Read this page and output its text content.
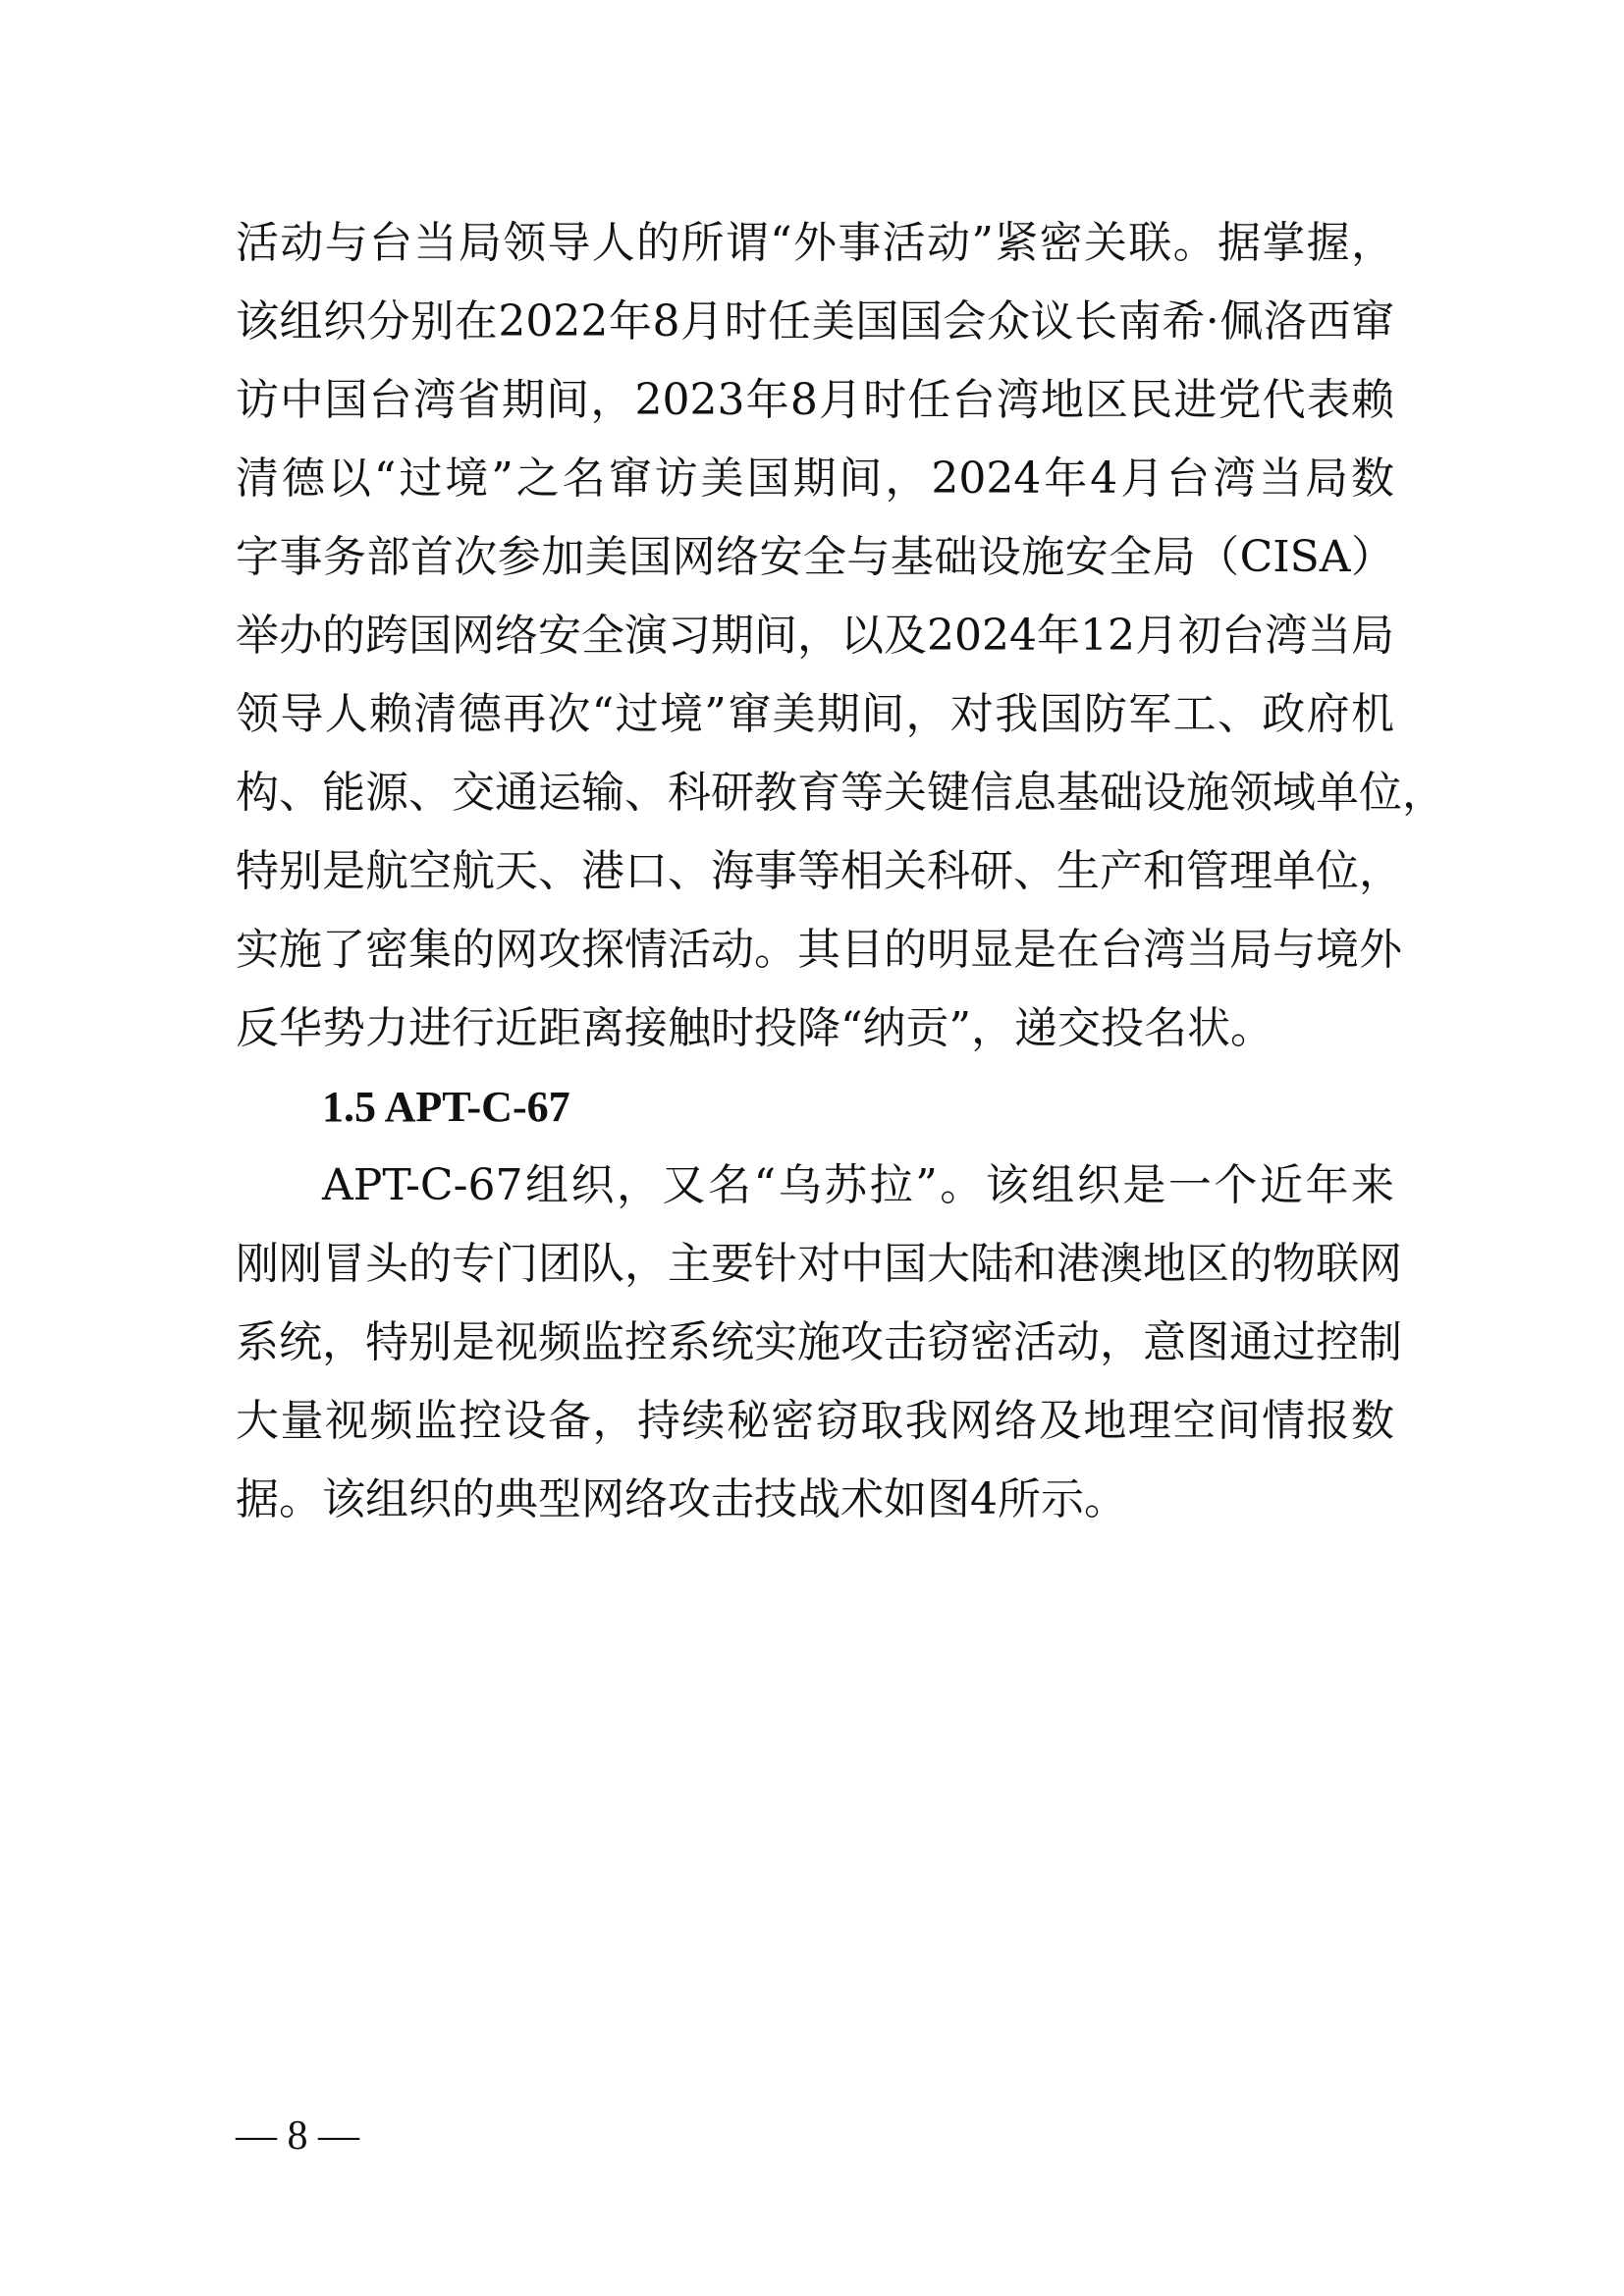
活动与台当局领导人的所谓“外事活动”紧密关联。据掌握，
该组织分别在2022年8月时任美国国会众议长南希·佩洛西窜
访中国台湾省期间，2023年8月时任台湾地区民进党代表赖
清德以“过境”之名窜访美国期间，2024年4月台湾当局数
字事务部首次参加美国网络安全与基础设施安全局（CISA）
举办的跨国网络安全演习期间，以及2024年12月初台湾当局
领导人赖清德再次“过境”窜美期间，对我国防军工、政府机
构、能源、交通运输、科研教育等关键信息基础设施领域单位，
特别是航空航天、港口、海事等相关科研、生产和管理单位，
实施了密集的网攻探情活动。其目的明显是在台湾当局与境外
反华势力进行近距离接触时投降“纳贡”，递交投名状。
1.5 APT-C-67
APT-C-67组织，又名“乌苏拉”。该组织是一个近年来
刚刚冒头的专门团队，主要针对中国大陆和港澳地区的物联网
系统，特别是视频监控系统实施攻击窃密活动，意图通过控制
大量视频监控设备，持续秘密窃取我网络及地理空间情报数
据。该组织的典型网络攻击技战术如图4所示。
— 8 —
